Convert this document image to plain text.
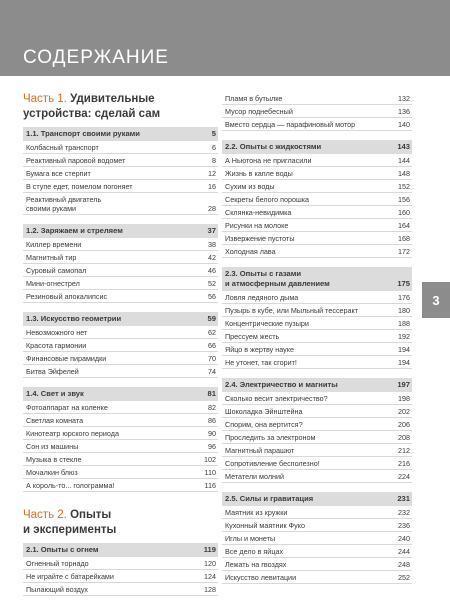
СОДЕРЖАНИЕ
3

Часть 1. Удивительные
устройства: сделай сам

1.1. Транспорт своими руками	5
Колбасный транспорт	6
Реактивный паровой водомет	8
Бумага все стерпит	12
В ступе едет, помелом погоняет	16
Реактивный двигатель своими руками	28
1.2. Заряжаем и стреляем	37
Киллер времени	38
Магнитный тир	42
Суровый самопал	46
Мини-огнестрел	52
Резиновый апокалипсис	56
1.3. Искусство геометрии	59
Невозможного нет	62
Красота гармонии	66
Финансовые пирамидки	70
Битва Эйфелей	74
1.4. Свет и звук	81
Фотоаппарат на коленке	82
Светлая комната	86
Кинотеатр юрского периода	90
Сон из машины	96
Музыка в стекле	102
Мочалкин блюз	110
А король-то... голограмма!	116

Часть 2. Опыты
и эксперименты

2.1. Опыты с огнем	119
Огненный торнадо	120
Не играйте с батарейками	124
Пылающий воздух	128
Пламя в бутылке	132
Мусор поднебесный	136
Вместо сердца — парафиновый мотор	140
2.2. Опыты с жидкостями	143
А Ньютона не пригласили	144
Жизнь в капле воды	148
Сухим из воды	152
Секреты белого порошка	156
Склянка-невидимка	160
Рисунки на молоке	164
Извержение пустоты	168
Холодная лава	172
2.3. Опыты с газами
и атмосферным давлением	175
Ловля ледяного дыма	176
Пузырь в кубе, или Мыльный тессеракт	180
Концентрические пузыри	188
Прессуем жесть	192
Яйцо в жертву науке	194
Не утонет, так сгорит!	194
2.4. Электричество и магниты	197
Сколько весит электричество?	198
Шоколадка Эйнштейна	202
Спорим, она вертится?	206
Проследить за электроном	208
Магнитный парашют	212
Сопротивление бесполезно!	216
Метатели молний	224
2.5. Силы и гравитация	231
Маятник из кружки	232
Кухонный маятник Фуко	236
Иглы и монеты	240
Все дело в яйцах	244
Лежать на гвоздях	248
Искусство левитации	252
